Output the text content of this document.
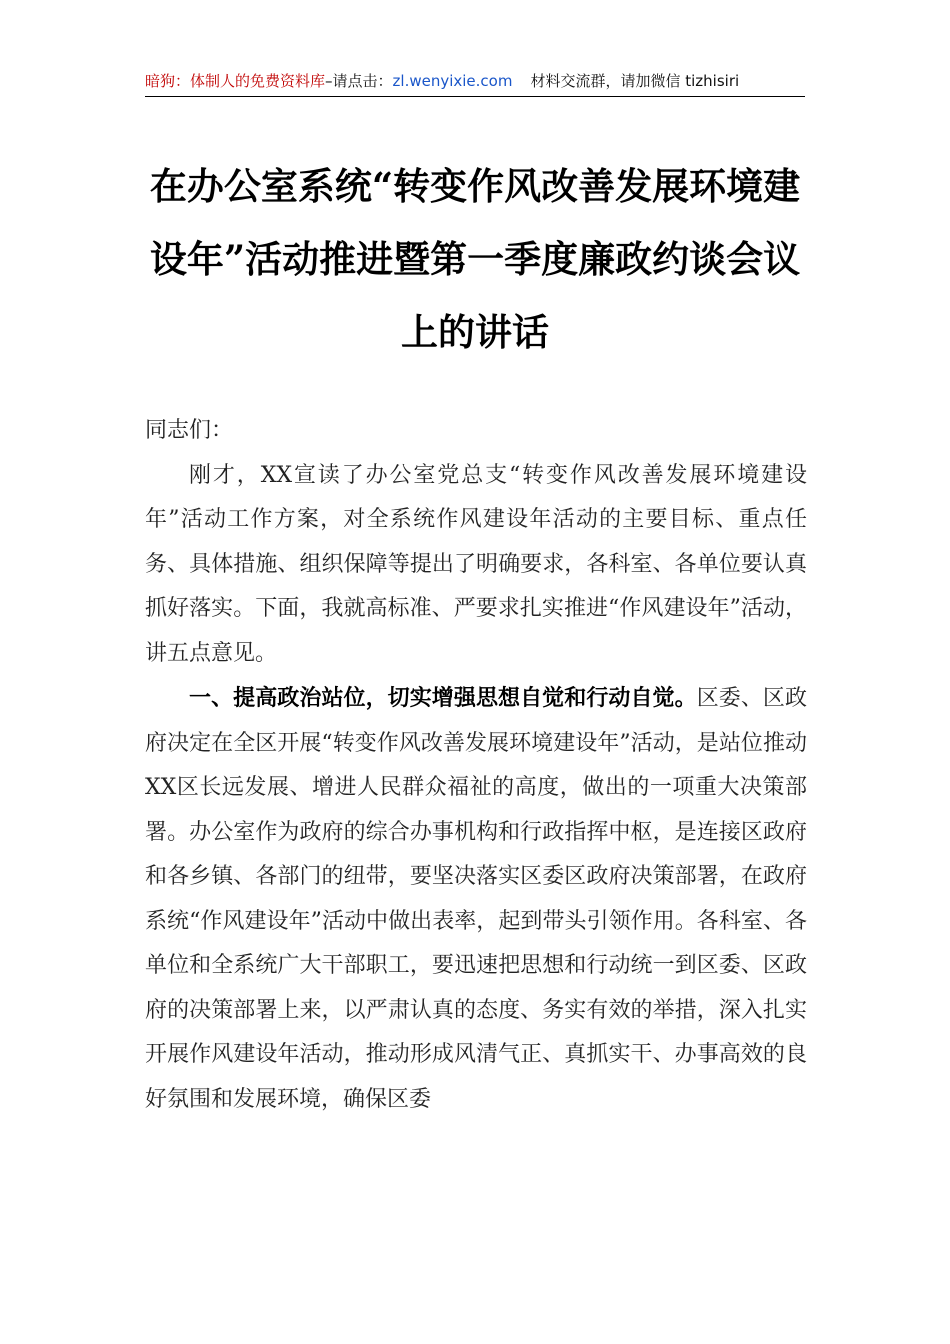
暗狗：体制人的免费资料库–请点击：zl.wenyixie.com 材料交流群，请加微信 tizhisiri
在办公室系统“转变作风改善发展环境建设年”活动推进暨第一季度廉政约谈会议上的讲话

同志们：

刚才，XX宣读了办公室党总支“转变作风改善发展环境建设年”活动工作方案，对全系统作风建设年活动的主要目标、重点任务、具体措施、组织保障等提出了明确要求，各科室、各单位要认真抓好落实。下面，我就高标准、严要求扎实推进“作风建设年”活动，讲五点意见。

一、提高政治站位，切实增强思想自觉和行动自觉。区委、区政府决定在全区开展“转变作风改善发展环境建设年”活动，是站位推动XX区长远发展、增进人民群众福祉的高度，做出的一项重大决策部署。办公室作为政府的综合办事机构和行政指挥中枢，是连接区政府和各乡镇、各部门的纽带，要坚决落实区委区政府决策部署，在政府系统“作风建设年”活动中做出表率，起到带头引领作用。各科室、各单位和全系统广大干部职工，要迅速把思想和行动统一到区委、区政府的决策部署上来，以严肃认真的态度、务实有效的举措，深入扎实开展作风建设年活动，推动形成风清气正、真抓实干、办事高效的良好氛围和发展环境，确保区委
